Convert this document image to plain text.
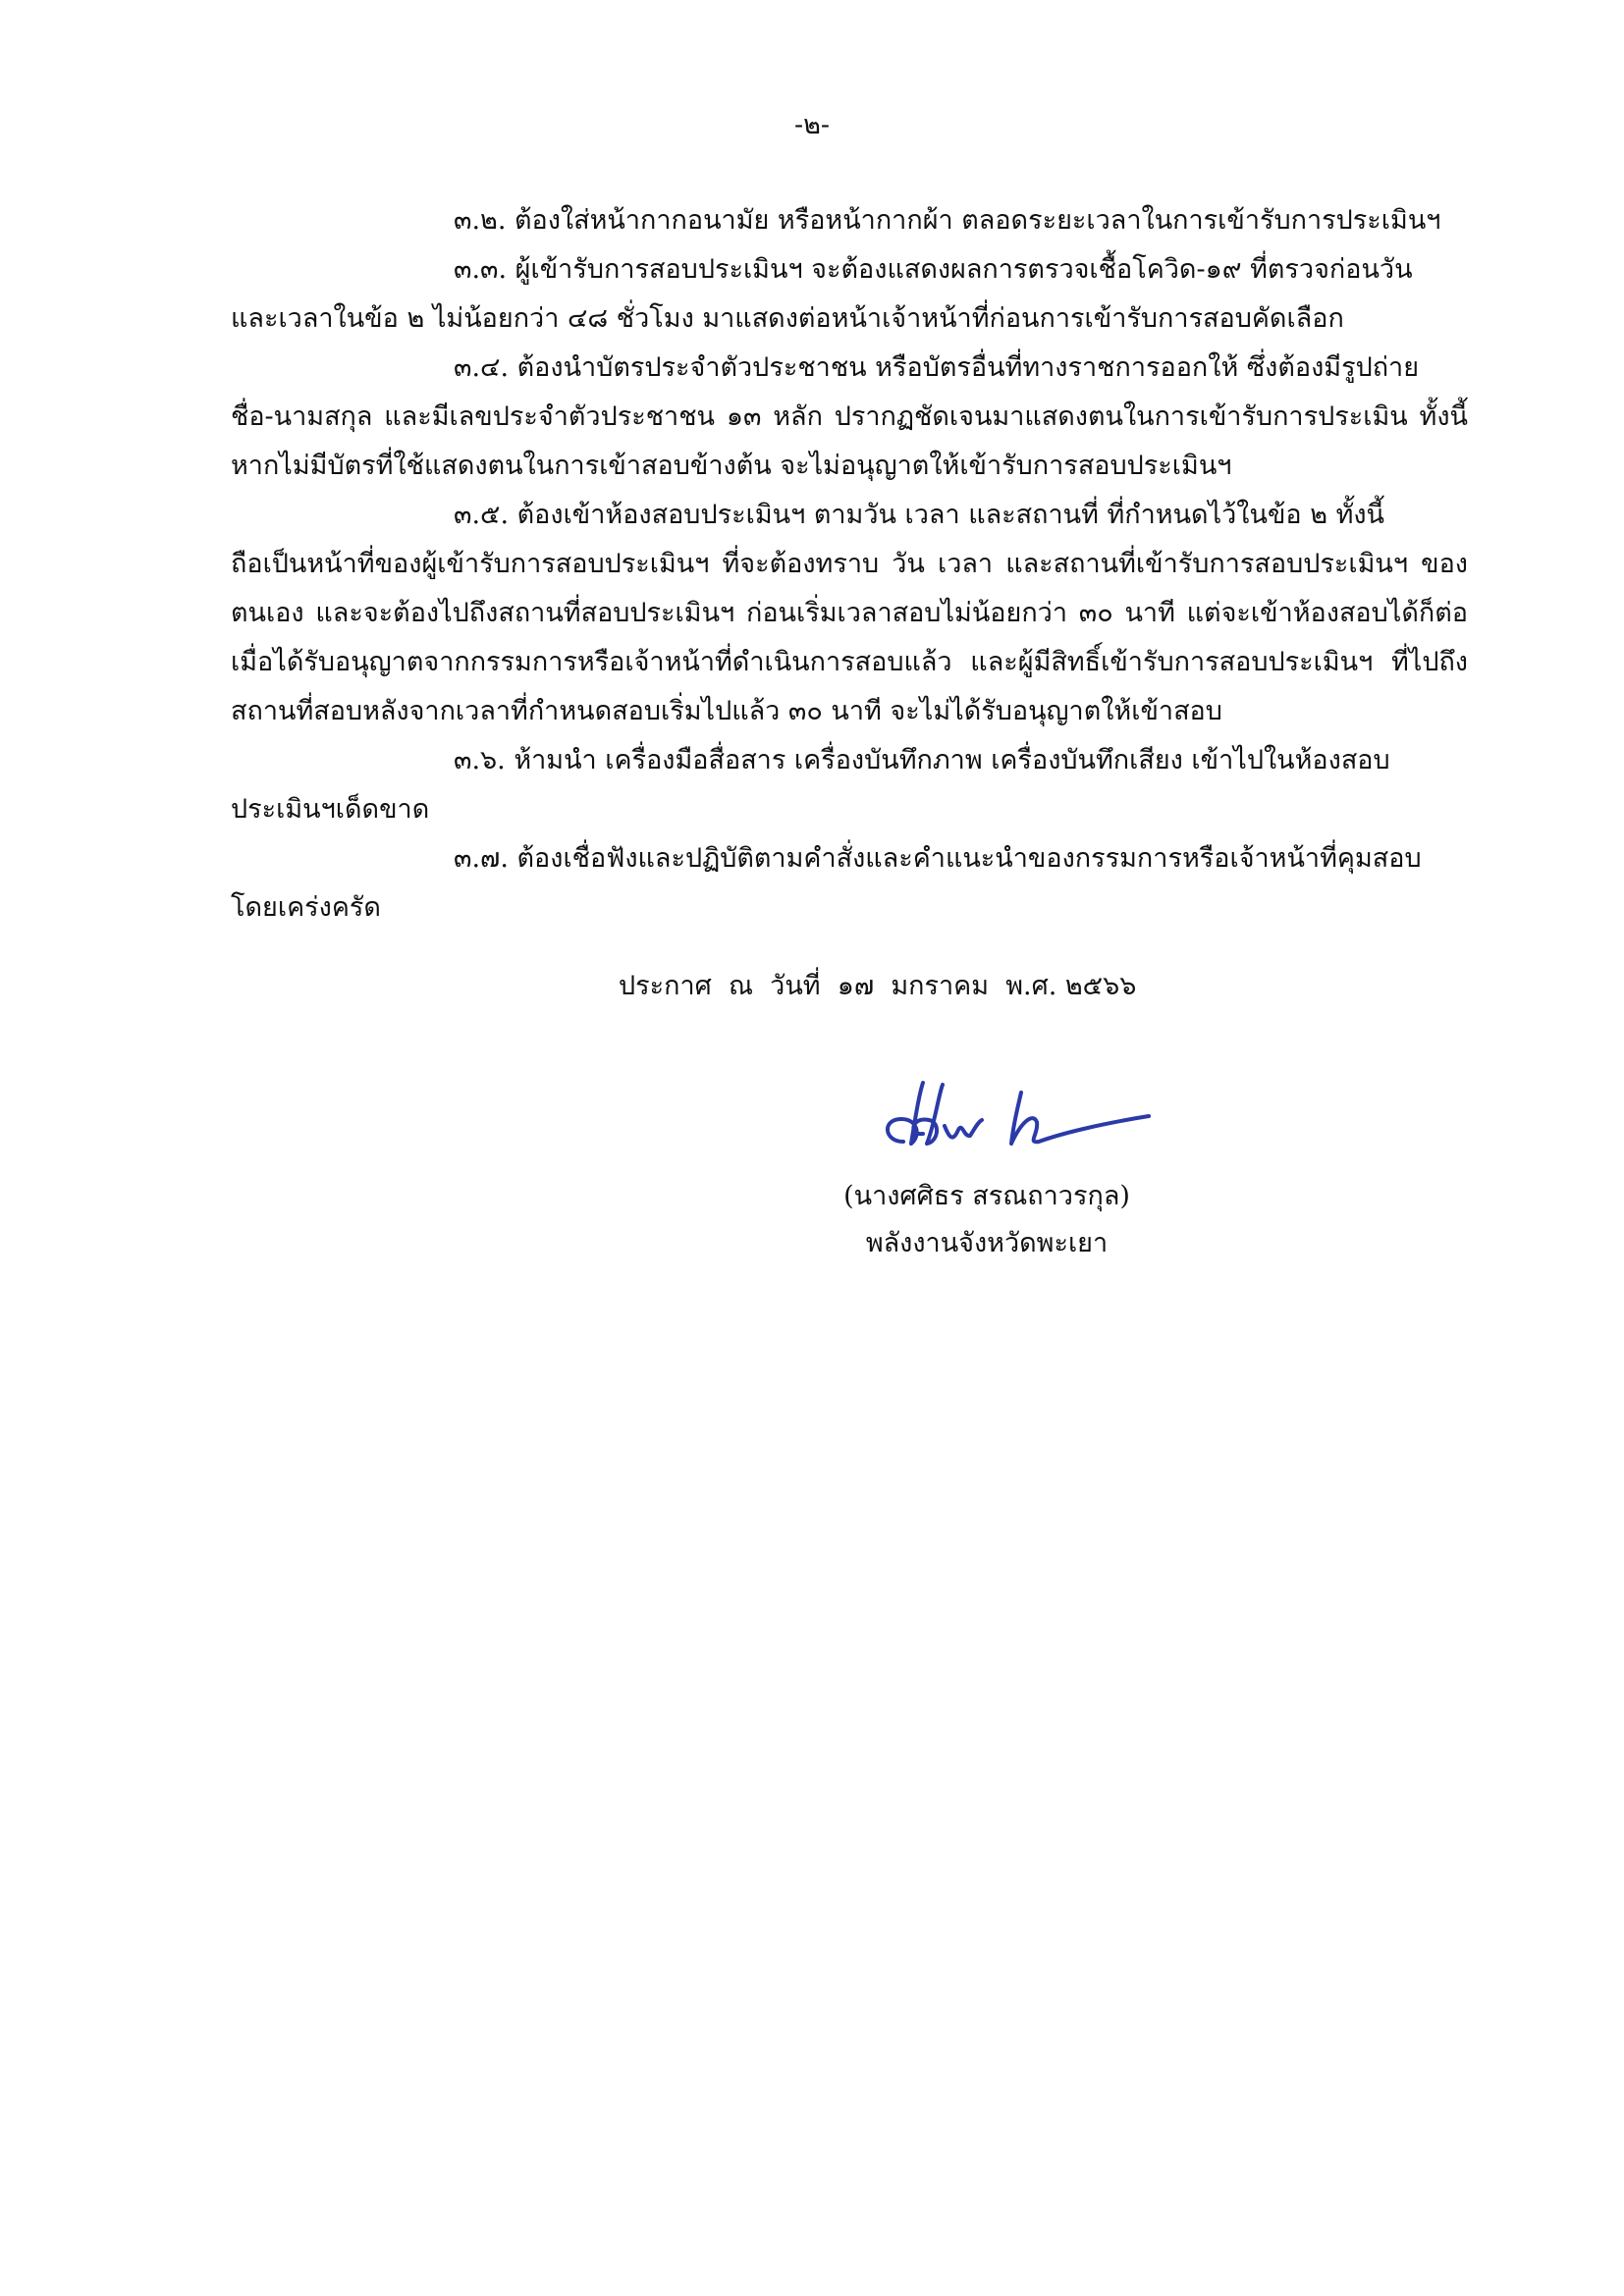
-๒-

๓.๒. ต้องใส่หน้ากากอนามัย หรือหน้ากากผ้า ตลอดระยะเวลาในการเข้ารับการประเมินฯ

๓.๓. ผู้เข้ารับการสอบประเมินฯ จะต้องแสดงผลการตรวจเชื้อโควิด-๑๙ ที่ตรวจก่อนวัน
และเวลาในข้อ ๒ ไม่น้อยกว่า ๔๘ ชั่วโมง มาแสดงต่อหน้าเจ้าหน้าที่ก่อนการเข้ารับการสอบคัดเลือก

๓.๔. ต้องนำบัตรประจำตัวประชาชน หรือบัตรอื่นที่ทางราชการออกให้ ซึ่งต้องมีรูปถ่าย
ชื่อ-นามสกุล และมีเลขประจำตัวประชาชน ๑๓ หลัก ปรากฏชัดเจนมาแสดงตนในการเข้ารับการประเมิน ทั้งนี้ หากไม่มีบัตรที่ใช้แสดงตนในการเข้าสอบข้างต้น จะไม่อนุญาตให้เข้ารับการสอบประเมินฯ

๓.๕. ต้องเข้าห้องสอบประเมินฯ ตามวัน เวลา และสถานที่ ที่กำหนดไว้ในข้อ ๒ ทั้งนี้
ถือเป็นหน้าที่ของผู้เข้ารับการสอบประเมินฯ ที่จะต้องทราบ วัน เวลา และสถานที่เข้ารับการสอบประเมินฯ ของตนเอง และจะต้องไปถึงสถานที่สอบประเมินฯ ก่อนเริ่มเวลาสอบไม่น้อยกว่า ๓๐ นาที แต่จะเข้าห้องสอบได้ก็ต่อเมื่อได้รับอนุญาตจากกรรมการหรือเจ้าหน้าที่ดำเนินการสอบแล้ว และผู้มีสิทธิ์เข้ารับการสอบประเมินฯ ที่ไปถึงสถานที่สอบหลังจากเวลาที่กำหนดสอบเริ่มไปแล้ว ๓๐ นาที จะไม่ได้รับอนุญาตให้เข้าสอบ

๓.๖. ห้ามนำ เครื่องมือสื่อสาร เครื่องบันทึกภาพ เครื่องบันทึกเสียง เข้าไปในห้องสอบ
ประเมินฯเด็ดขาด

๓.๗. ต้องเชื่อฟังและปฏิบัติตามคำสั่งและคำแนะนำของกรรมการหรือเจ้าหน้าที่คุมสอบ
โดยเคร่งครัด

ประกาศ  ณ  วันที่  ๑๗  มกราคม  พ.ศ. ๒๕๖๖
(นางศศิธร สรณถาวรกุล)
พลังงานจังหวัดพะเยา
